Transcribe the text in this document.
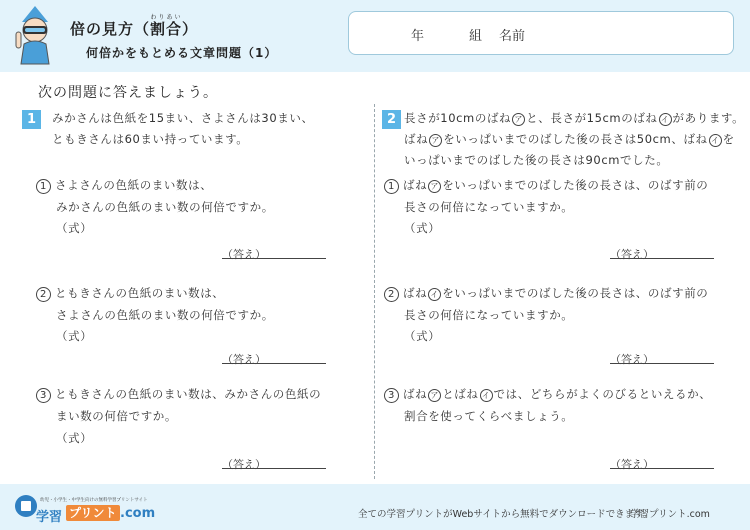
倍の見方（割合わりあい）
何倍かをもとめる文章問題（1）
年	組 名前
次の問題に答えましょう。
1	みかさんは色紙を15まい、さよさんは30まい、
ともきさんは60まい持っています。
1 さよさんの色紙のまい数は、
みかさんの色紙のまい数の何倍ですか。
（式）
（答え）
2 ともきさんの色紙のまい数は、
さよさんの色紙のまい数の何倍ですか。
（式）
（答え）
3 ともきさんの色紙のまい数は、みかさんの色紙の
まい数の何倍ですか。
（式）
（答え）
2 長さが10cmのばね ア と、長さが15cmのばね イ があります。
ばね ア をいっぱいまでのばした後の長さは50cm、ばね イ を
いっぱいまでのばした後の長さは90cmでした。
1 ばね ア をいっぱいまでのばした後の長さは、のばす前の
長さの何倍になっていますか。
（式）
（答え）
2 ばね イ をいっぱいまでのばした後の長さは、のばす前の
長さの何倍になっていますか。
（式）
（答え）
3 ばね ア とばね イ では、どちらがよくのびるといえるか、
割合を使ってくらべましょう。
（答え）
幼児・小学生・中学生向けの無料学習プリントサイト
学習 プリント .com	全ての学習プリントがWebサイトから無料でダウンロードできます。
学習プリント.com
